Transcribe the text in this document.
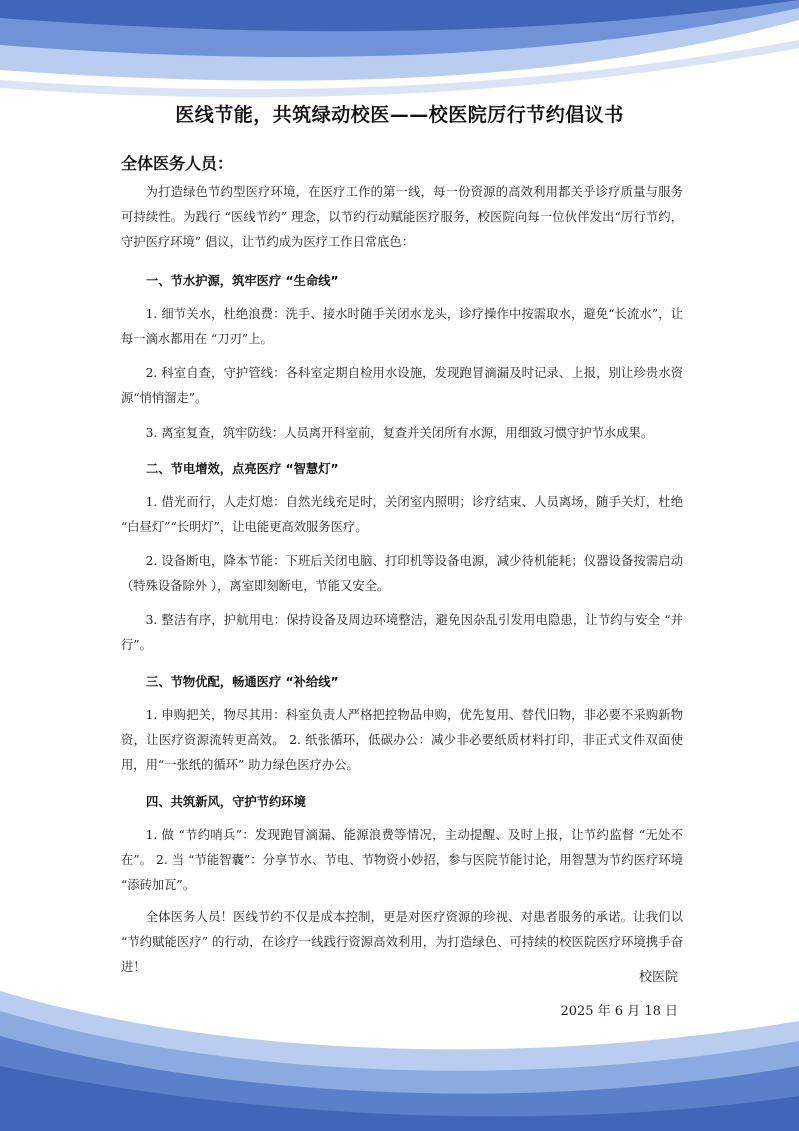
医线节能，共筑绿动校医——校医院厉行节约倡议书
全体医务人员：

为打造绿色节约型医疗环境，在医疗工作的第一线，每一份资源的高效利用都关乎诊疗质量与服务可持续性。为践行 “医线节约” 理念，以节约行动赋能医疗服务，校医院向每一位伙伴发出“厉行节约，守护医疗环境” 倡议，让节约成为医疗工作日常底色：

一、节水护源，筑牢医疗 “生命线”

1. 细节关水，杜绝浪费：洗手、接水时随手关闭水龙头，诊疗操作中按需取水，避免“长流水”，让每一滴水都用在 “刀刃”上。

2. 科室自查，守护管线：各科室定期自检用水设施，发现跑冒滴漏及时记录、上报，别让珍贵水资源“悄悄溜走”。

3. 离室复查，筑牢防线：人员离开科室前，复查并关闭所有水源，用细致习惯守护节水成果。

二、节电增效，点亮医疗 “智慧灯”

1. 借光而行，人走灯熄：自然光线充足时，关闭室内照明；诊疗结束、人员离场，随手关灯，杜绝 “白昼灯”“长明灯”，让电能更高效服务医疗。

2. 设备断电，降本节能：下班后关闭电脑、打印机等设备电源，减少待机能耗；仪器设备按需启动（特殊设备除外 ），离室即刻断电，节能又安全。

3. 整洁有序，护航用电：保持设备及周边环境整洁，避免因杂乱引发用电隐患，让节约与安全 “并行”。

三、节物优配，畅通医疗 “补给线”

1. 申购把关，物尽其用：科室负责人严格把控物品申购，优先复用、替代旧物，非必要不采购新物资，让医疗资源流转更高效。 2. 纸张循环，低碳办公：减少非必要纸质材料打印，非正式文件双面使用，用“一张纸的循环” 助力绿色医疗办公。

四、共筑新风，守护节约环境

1. 做 “节约哨兵”：发现跑冒滴漏、能源浪费等情况，主动提醒、及时上报，让节约监督 “无处不在”。 2. 当 “节能智囊”：分享节水、节电、节物资小妙招，参与医院节能讨论，用智慧为节约医疗环境 “添砖加瓦”。

全体医务人员！医线节约不仅是成本控制，更是对医疗资源的珍视、对患者服务的承诺。让我们以 “节约赋能医疗” 的行动，在诊疗一线践行资源高效利用，为打造绿色、可持续的校医院医疗环境携手奋进！

校医院
2025 年 6 月 18 日
